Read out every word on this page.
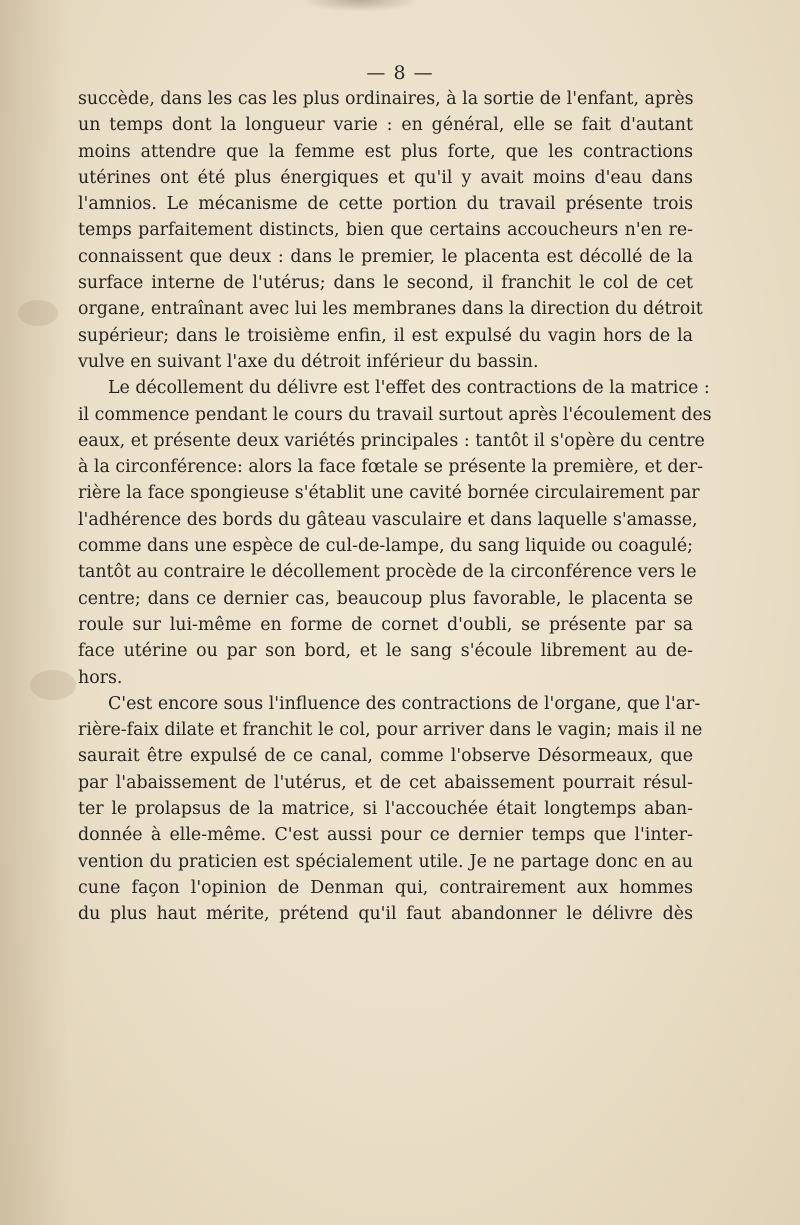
— 8 —
succède, dans les cas les plus ordinaires, à la sortie de l'enfant, après
un temps dont la longueur varie : en général, elle se fait d'autant
moins attendre que la femme est plus forte, que les contractions
utérines ont été plus énergiques et qu'il y avait moins d'eau dans
l'amnios. Le mécanisme de cette portion du travail présente trois
temps parfaitement distincts, bien que certains accoucheurs n'en re-
connaissent que deux : dans le premier, le placenta est décollé de la
surface interne de l'utérus; dans le second, il franchit le col de cet
organe, entraînant avec lui les membranes dans la direction du détroit
supérieur; dans le troisième enfin, il est expulsé du vagin hors de la
vulve en suivant l'axe du détroit inférieur du bassin.
Le décollement du délivre est l'effet des contractions de la matrice :
il commence pendant le cours du travail surtout après l'écoulement des
eaux, et présente deux variétés principales : tantôt il s'opère du centre
à la circonférence: alors la face fœtale se présente la première, et der-
rière la face spongieuse s'établit une cavité bornée circulairement par
l'adhérence des bords du gâteau vasculaire et dans laquelle s'amasse,
comme dans une espèce de cul-de-lampe, du sang liquide ou coagulé;
tantôt au contraire le décollement procède de la circonférence vers le
centre; dans ce dernier cas, beaucoup plus favorable, le placenta se
roule sur lui-même en forme de cornet d'oubli, se présente par sa
face utérine ou par son bord, et le sang s'écoule librement au de-
hors.
C'est encore sous l'influence des contractions de l'organe, que l'ar-
rière-faix dilate et franchit le col, pour arriver dans le vagin; mais il ne
saurait être expulsé de ce canal, comme l'observe Désormeaux, que
par l'abaissement de l'utérus, et de cet abaissement pourrait résul-
ter le prolapsus de la matrice, si l'accouchée était longtemps aban-
donnée à elle-même. C'est aussi pour ce dernier temps que l'inter-
vention du praticien est spécialement utile. Je ne partage donc en au
cune façon l'opinion de Denman qui, contrairement aux hommes
du plus haut mérite, prétend qu'il faut abandonner le délivre dès
